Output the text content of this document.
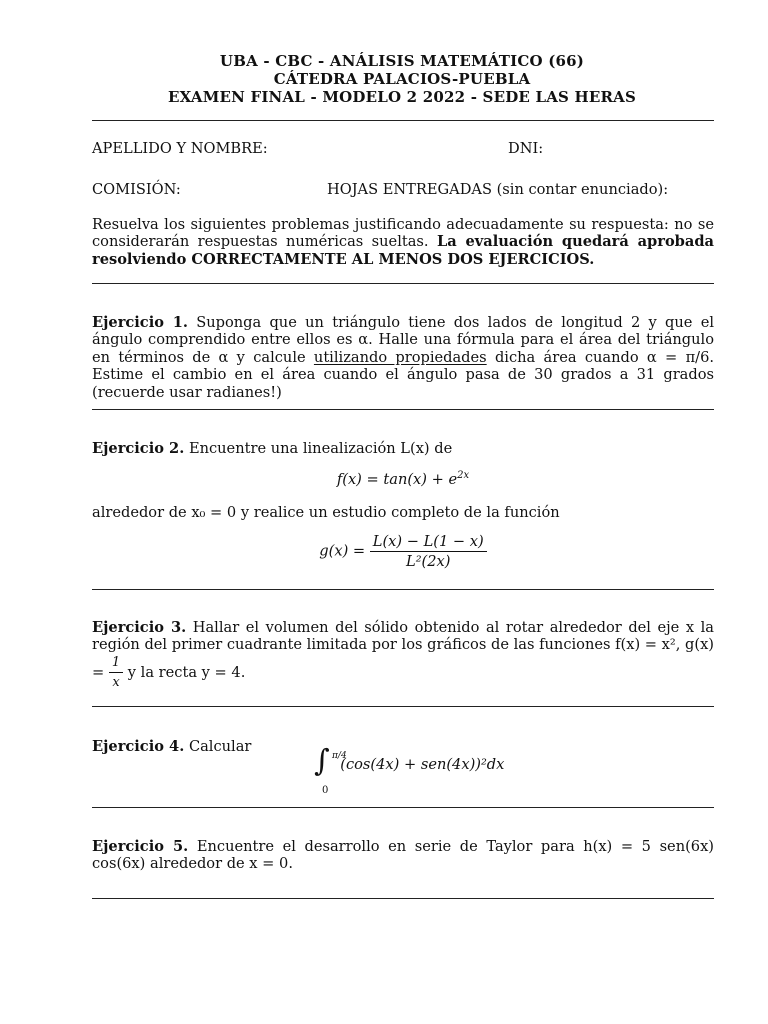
UBA - CBC - ANÁLISIS MATEMÁTICO (66)
CÁTEDRA PALACIOS-PUEBLA
EXAMEN FINAL - MODELO 2 2022 - SEDE LAS HERAS
APELLIDO Y NOMBRE:	DNI:
COMISIÓN:	HOJAS ENTREGADAS (sin contar enunciado):
Resuelva los siguientes problemas justificando adecuadamente su respuesta: no se considerarán respuestas numéricas sueltas. La evaluación quedará aprobada resolviendo CORRECTAMENTE AL MENOS DOS EJERCICIOS.
Ejercicio 1. Suponga que un triángulo tiene dos lados de longitud 2 y que el ángulo comprendido entre ellos es α. Halle una fórmula para el área del triángulo en términos de α y calcule utilizando propiedades dicha área cuando α = π/6. Estime el cambio en el área cuando el ángulo pasa de 30 grados a 31 grados (recuerde usar radianes!)
Ejercicio 2. Encuentre una linealización L(x) de
$f(x) = \tan(x) + e^{2x}$
alrededor de x₀ = 0 y realice un estudio completo de la función
$g(x) = \frac{L(x) - L(1 - x)}{\text{L²(2x)}}$
Ejercicio 3. Hallar el volumen del sólido obtenido al rotar alrededor del eje x la región del primer cuadrante limitada por los gráficos de las funciones f(x) = x², $g(x) = \frac{1}{x}$ y la recta y = 4.
Ejercicio 4. Calcular ∫ π/4
0
(cos(4x) + sen(4x))²dx
Ejercicio 5. Encuentre el desarrollo en serie de Taylor para h(x) = 5 sen(6x) cos(6x) alrededor de x = 0.
